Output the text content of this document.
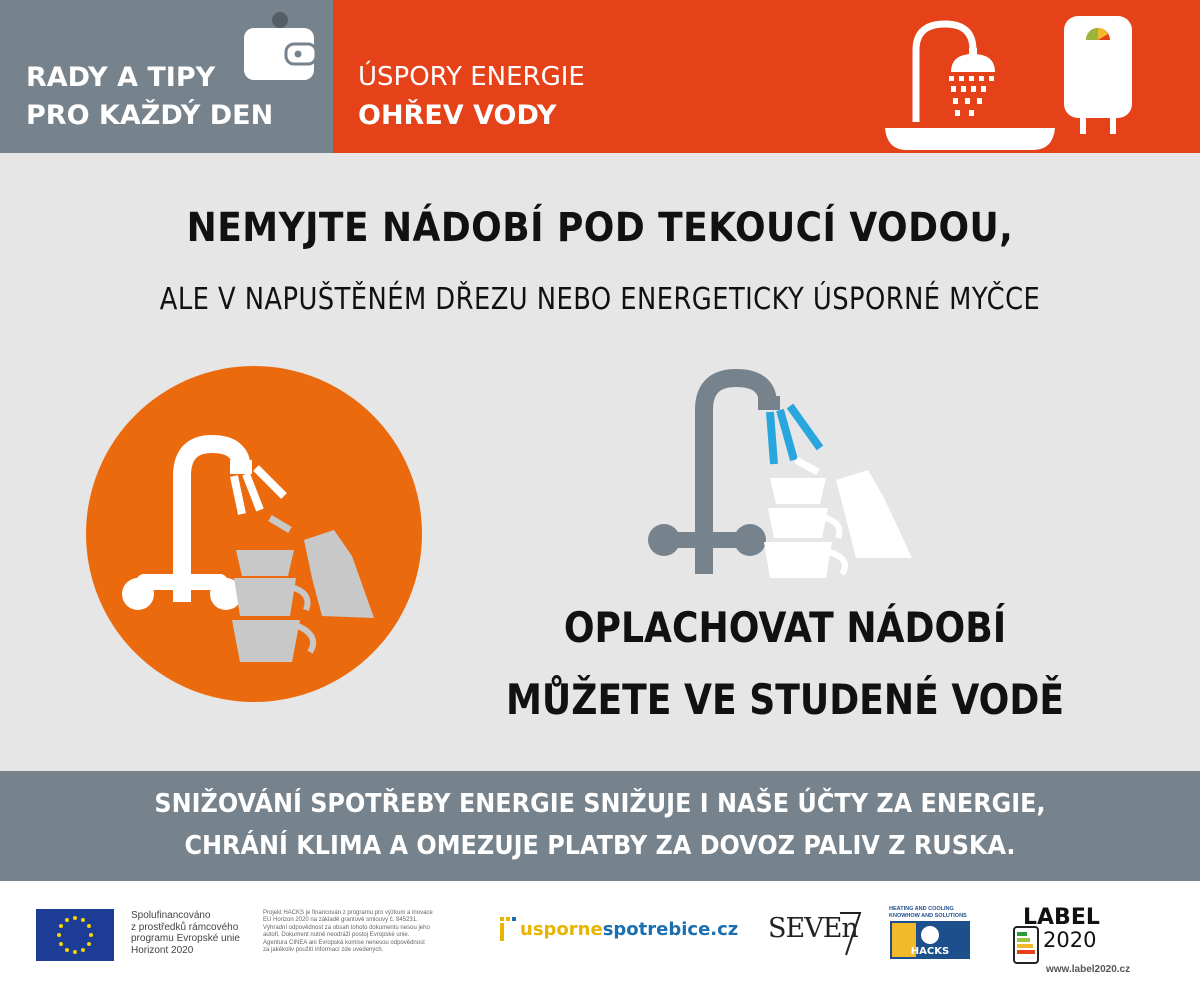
RADY A TIPY
PRO KAŽDÝ DEN
ÚSPORY ENERGIE
OHŘEV VODY
NEMYJTE NÁDOBÍ POD TEKOUCÍ VODOU,
ALE V NAPUŠTĚNÉM DŘEZU NEBO ENERGETICKY ÚSPORNÉ MYČCE
OPLACHOVAT NÁDOBÍ
MŮŽETE VE STUDENÉ VODĚ
SNIŽOVÁNÍ SPOTŘEBY ENERGIE SNIŽUJE I NAŠE ÚČTY ZA ENERGIE,
CHRÁNÍ KLIMA A OMEZUJE PLATBY ZA DOVOZ PALIV Z RUSKA.
Spolufinancováno
z prostředků rámcového
programu Evropské unie
Horizont 2020
Projekt HACKS je financován z programu pro výzkum a inovace
EU Horizon 2020 na základě grantové smlouvy č. 845231.
Výhradní odpovědnost za obsah tohoto dokumentu nesou jeho
autoři. Dokument nutně neodráží postoj Evropské unie.
Agentura CINEA ani Evropská komise nenesou odpovědnost
za jakékoliv použití informací zde uvedených.
uspornespotrebice.cz SEVEn
HEATING AND COOLING
KNOWHOW AND SOLUTIONS
HACKS
LABEL
2020
www.label2020.cz
